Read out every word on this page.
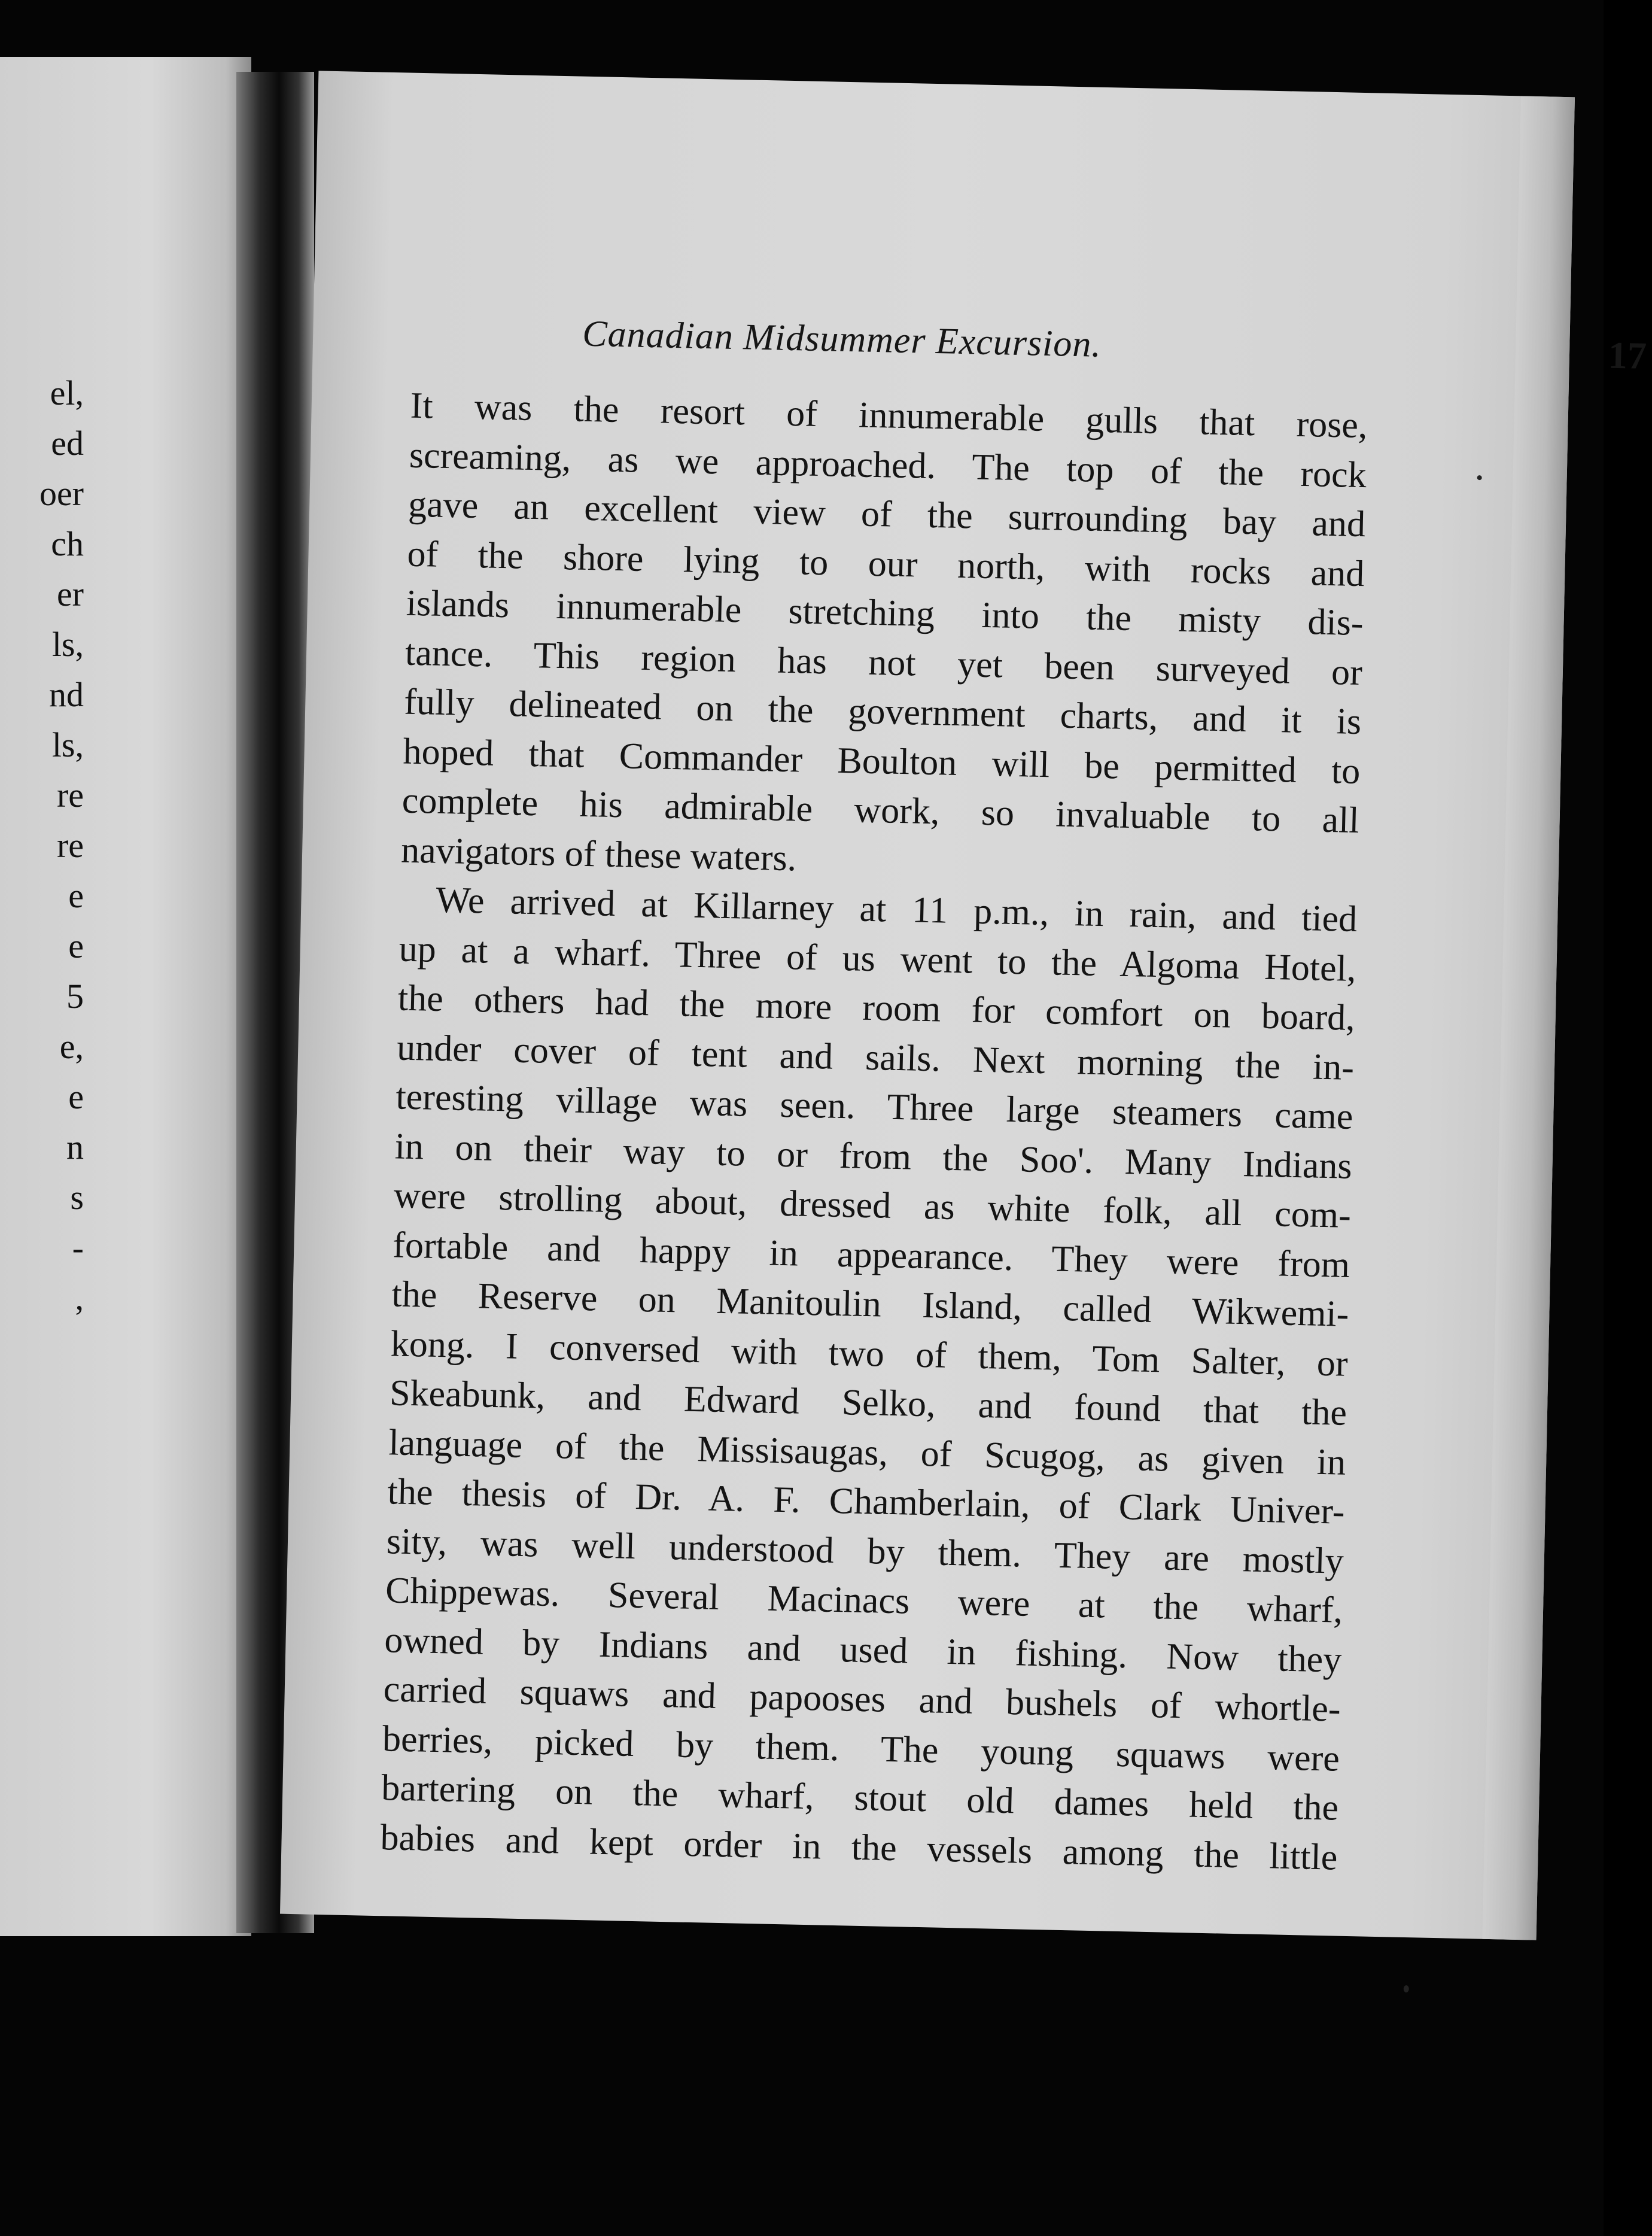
el,
ed
oer
ch
er
ls,
nd
ls,
re
re
e
e
5
e,
e
n
s
-
,
Canadian Midsummer Excursion.	17
It was the resort of innumerable gulls that rose,
screaming, as we approached. The top of the rock
gave an excellent view of the surrounding bay and
of the shore lying to our north, with rocks and
islands innumerable stretching into the misty dis-
tance. This region has not yet been surveyed or
fully delineated on the government charts, and it is
hoped that Commander Boulton will be permitted to
complete his admirable work, so invaluable to all
navigators of these waters.
We arrived at Killarney at 11 p.m., in rain, and tied
up at a wharf. Three of us went to the Algoma Hotel,
the others had the more room for comfort on board,
under cover of tent and sails. Next morning the in-
teresting village was seen. Three large steamers came
in on their way to or from the Soo'. Many Indians
were strolling about, dressed as white folk, all com-
fortable and happy in appearance. They were from
the Reserve on Manitoulin Island, called Wikwemi-
kong. I conversed with two of them, Tom Salter, or
Skeabunk, and Edward Selko, and found that the
language of the Missisaugas, of Scugog, as given in
the thesis of Dr. A. F. Chamberlain, of Clark Univer-
sity, was well understood by them. They are mostly
Chippewas. Several Macinacs were at the wharf,
owned by Indians and used in fishing. Now they
carried squaws and papooses and bushels of whortle-
berries, picked by them. The young squaws were
bartering on the wharf, stout old dames held the
babies and kept order in the vessels among the little
